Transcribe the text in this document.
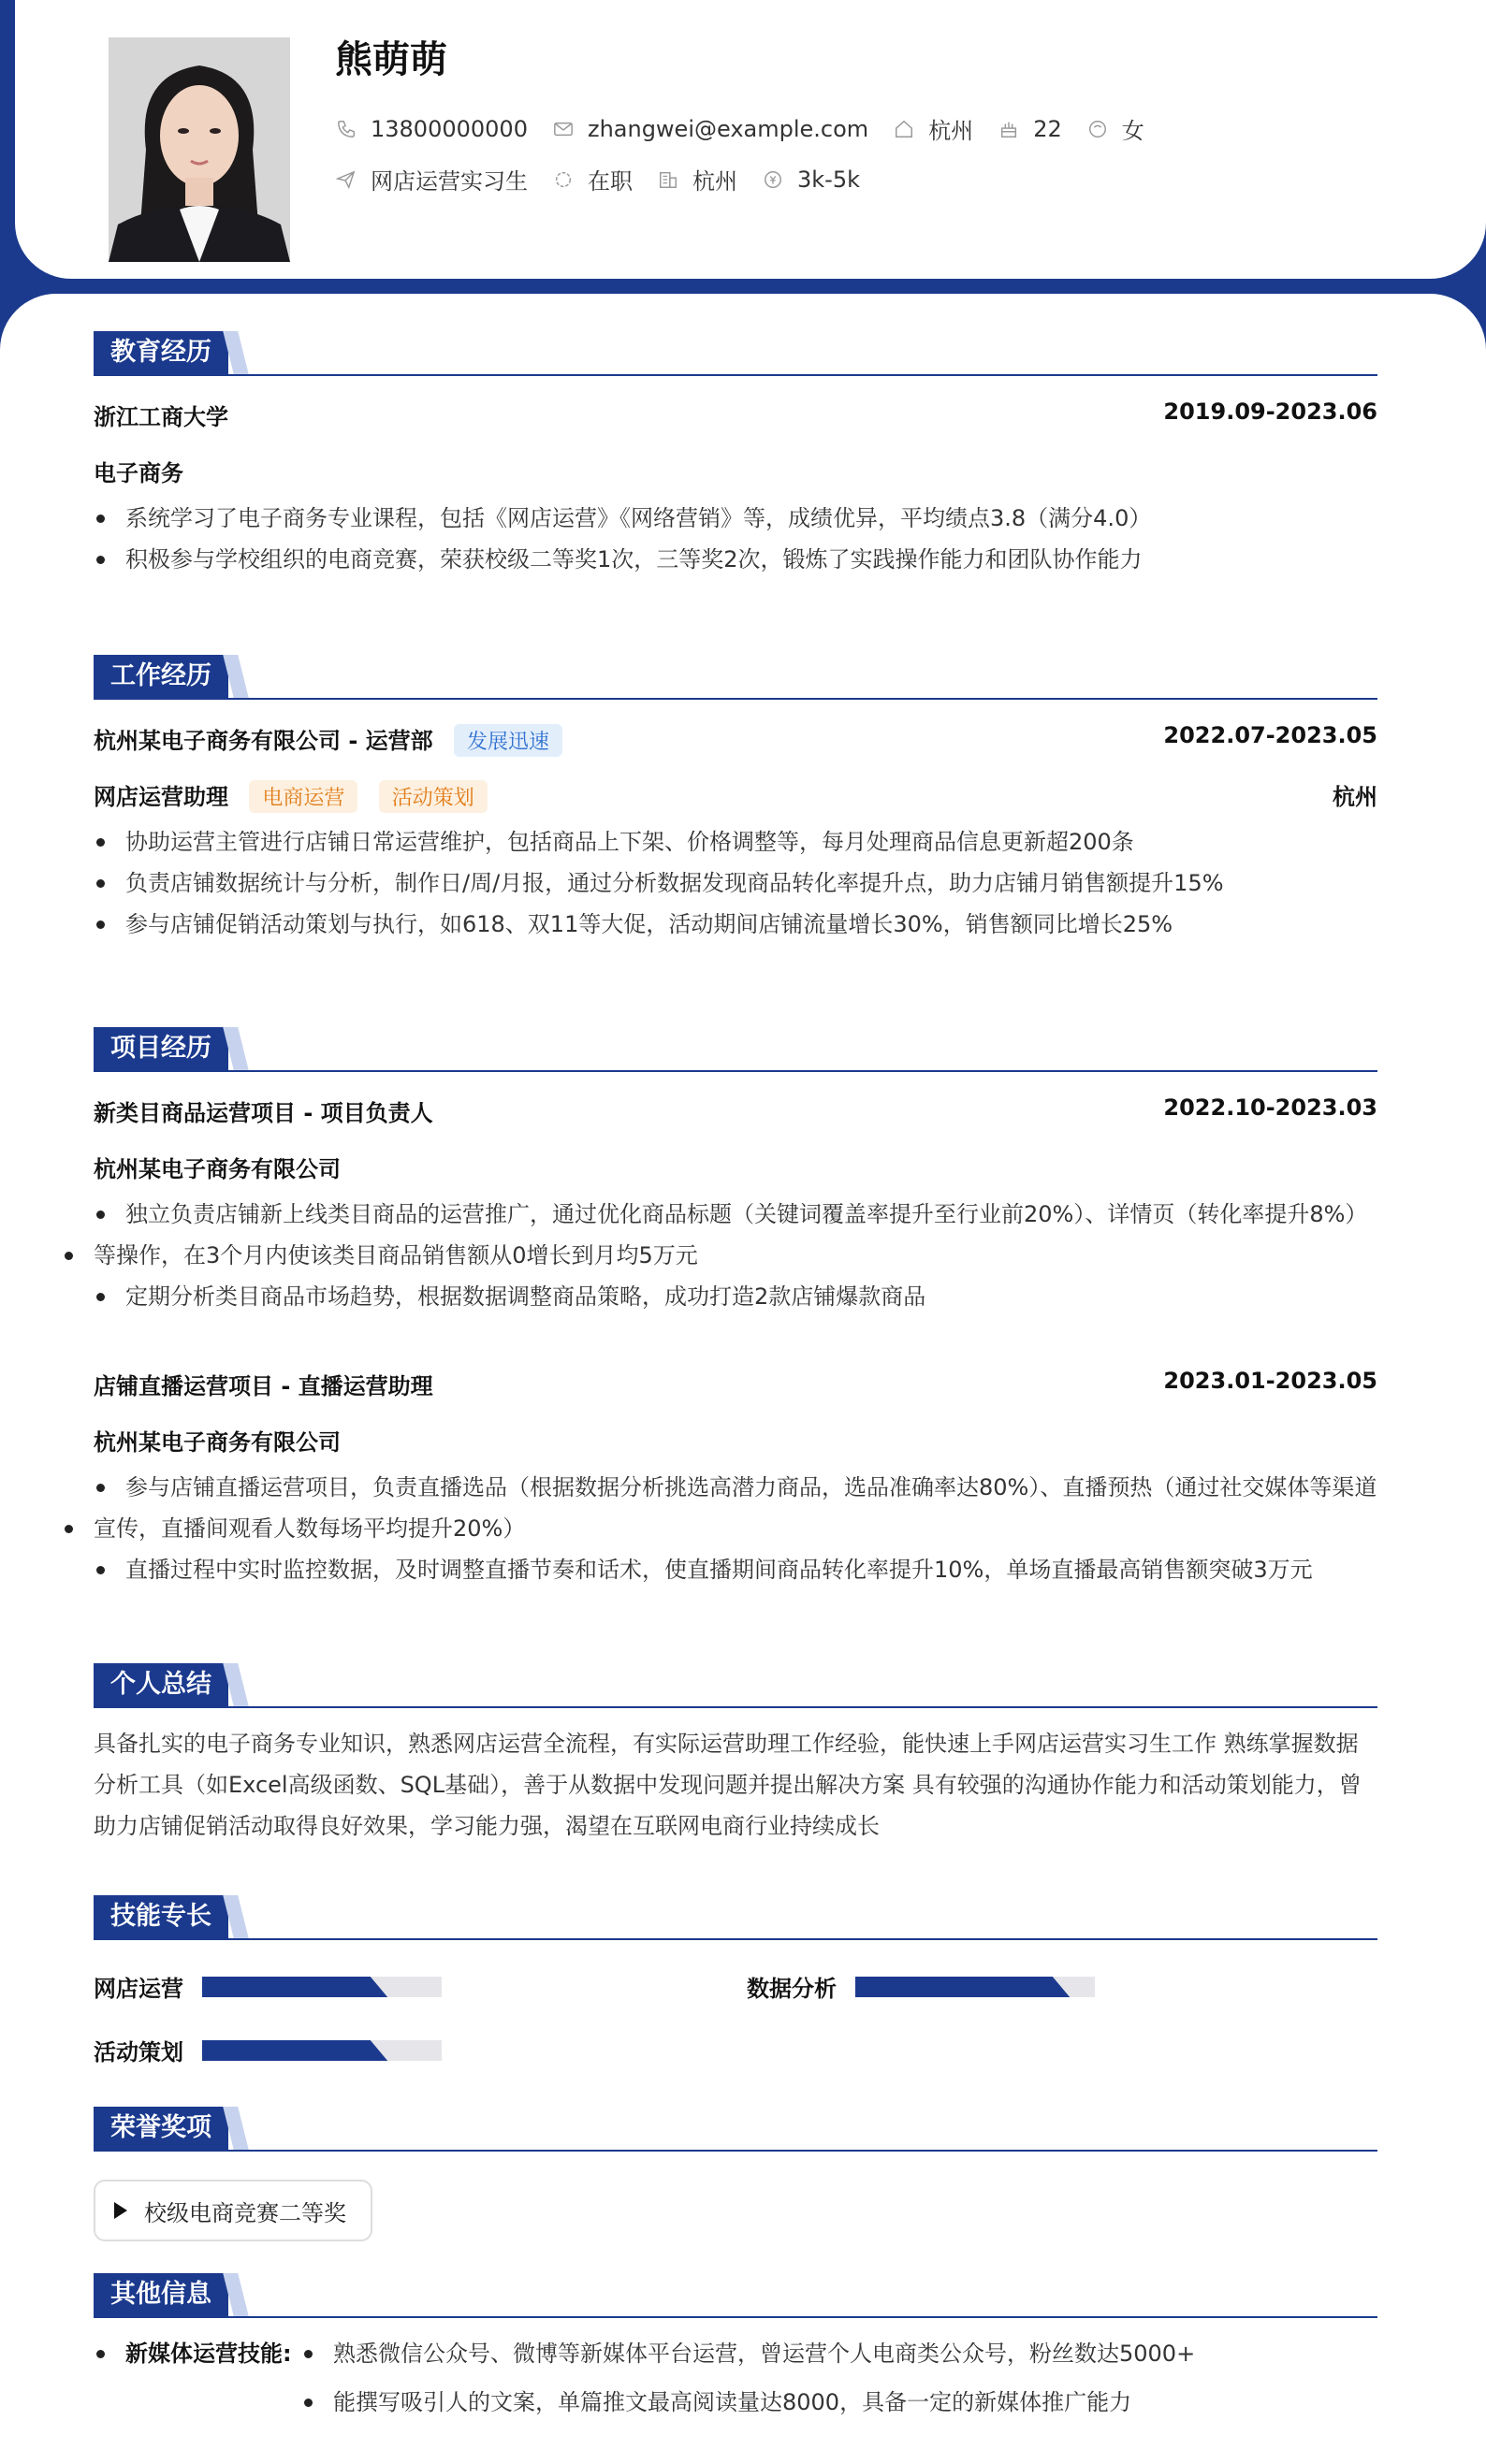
熊萌萌
13800000000	zhangwei@example.com	杭州	22	女
网店运营实习生	在职	杭州	3k-5k
教育经历
浙江工商大学	2019.09-2023.06
电子商务
系统学习了电子商务专业课程，包括《网店运营》《网络营销》等，成绩优异，平均绩点3.8（满分4.0）
积极参与学校组织的电商竞赛，荣获校级二等奖1次，三等奖2次，锻炼了实践操作能力和团队协作能力
工作经历
杭州某电子商务有限公司 - 运营部 发展迅速	2022.07-2023.05
网店运营助理 电商运营 活动策划	杭州
协助运营主管进行店铺日常运营维护，包括商品上下架、价格调整等，每月处理商品信息更新超200条
负责店铺数据统计与分析，制作日/周/月报，通过分析数据发现商品转化率提升点，助力店铺月销售额提升15%
参与店铺促销活动策划与执行，如618、双11等大促，活动期间店铺流量增长30%，销售额同比增长25%
项目经历
新类目商品运营项目 - 项目负责人	2022.10-2023.03
杭州某电子商务有限公司
独立负责店铺新上线类目商品的运营推广，通过优化商品标题（关键词覆盖率提升至行业前20%）、详情页（转化率提升8%）
等操作，在3个月内使该类目商品销售额从0增长到月均5万元
定期分析类目商品市场趋势，根据数据调整商品策略，成功打造2款店铺爆款商品
店铺直播运营项目 - 直播运营助理	2023.01-2023.05
杭州某电子商务有限公司
参与店铺直播运营项目，负责直播选品（根据数据分析挑选高潜力商品，选品准确率达80%）、直播预热（通过社交媒体等渠道
宣传，直播间观看人数每场平均提升20%）
直播过程中实时监控数据，及时调整直播节奏和话术，使直播期间商品转化率提升10%，单场直播最高销售额突破3万元
个人总结
具备扎实的电子商务专业知识，熟悉网店运营全流程，有实际运营助理工作经验，能快速上手网店运营实习生工作 熟练掌握数据
分析工具（如Excel高级函数、SQL基础），善于从数据中发现问题并提出解决方案 具有较强的沟通协作能力和活动策划能力，曾
助力店铺促销活动取得良好效果，学习能力强，渴望在互联网电商行业持续成长
技能专长
网店运营	数据分析
活动策划
荣誉奖项
校级电商竞赛二等奖
其他信息
新媒体运营技能:	熟悉微信公众号、微博等新媒体平台运营，曾运营个人电商类公众号，粉丝数达5000+
能撰写吸引人的文案，单篇推文最高阅读量达8000，具备一定的新媒体推广能力
